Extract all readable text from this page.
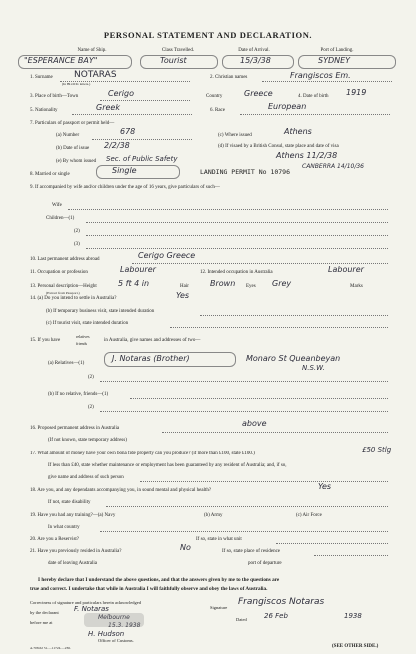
PERSONAL STATEMENT AND DECLARATION.
Name of Ship.	Class Travelled.	Date of Arrival.	Port of Landing.
"ESPERANCE BAY"	Tourist	15/3/38	SYDNEY
1. Surname
(In BLOCK letters.)
NOTARAS	2. Christian names	Frangiscos Em.
3. Place of birth—Town	Cerigo	Country	Greece	4. Date of birth 1919
5. Nationality	Greek	6. Race	European
7. Particulars of passport or permit held—
(a) Number	678	(c) Where issued	Athens
(b) Date of issue 2/2/38	(d) If visaed by a British Consul, state place and date of visa
Athens 11/2/38
(e) By whom issued Sec. of Public Safety
8. Married or single	Single	LANDING PERMIT No 10796
CANBERRA 14/10/36
9. If accompanied by wife and/or children under the age of 16 years, give particulars of such—
Wife
Children—(1)
(2)
(3)
10. Last permanent address abroad	Cerigo Greece
11. Occupation or profession	Labourer	12. Intended occupation in Australia	Labourer
13. Personal description—Height
(Extract from Passport.)
5 ft 4 in	Hair	Brown Eyes Grey	Marks
14. (a) Do you intend to settle in Australia?	Yes
(b) If temporary business visit, state intended duration
(c) If tourist visit, state intended duration
15. If you have
relatives
friends
in Australia, give names and addresses of two—
(a) Relatives—(1)
J. Notaras (Brother)	Monaro St Queanbeyan
N.S.W.
(2)
(b) If no relative, friends—(1)
(2)
16. Proposed permanent address in Australia
above
(If not known, state temporary address)
17. What amount of money have your own bona fide property can you produce? (if more than £100, state £100.)	£50 Stlg
If less than £40, state whether maintenance or employment has been guaranteed by any resident of Australia; and, if so,
give name and address of such person
18. Are you, and any dependants accompanying you, in sound mental and physical health?	Yes
If not, state disability
19. Have you had any training?—(a) Navy	(b) Army	(c) Air Force
In what country
20. Are you a Reservist?	If so, state in what unit
21. Have you previously resided in Australia?	No	If so, state place of residence
date of leaving Australia	port of departure
I hereby declare that I understand the above questions, and that the answers given by me to the questions are
true and correct. I undertake that while in Australia I will faithfully observe and obey the laws of Australia.
Correctness of signature and particulars herein acknowledged
by the declarant F. Notaras
Melbourne
before me at	15.3. 1938
H. Hudson
Officer of Customs.
Signature
Frangiscos Notaras
Dated 26 Feb	1938
A.708.62 51.—11724.—236.	(SEE OTHER SIDE.)
